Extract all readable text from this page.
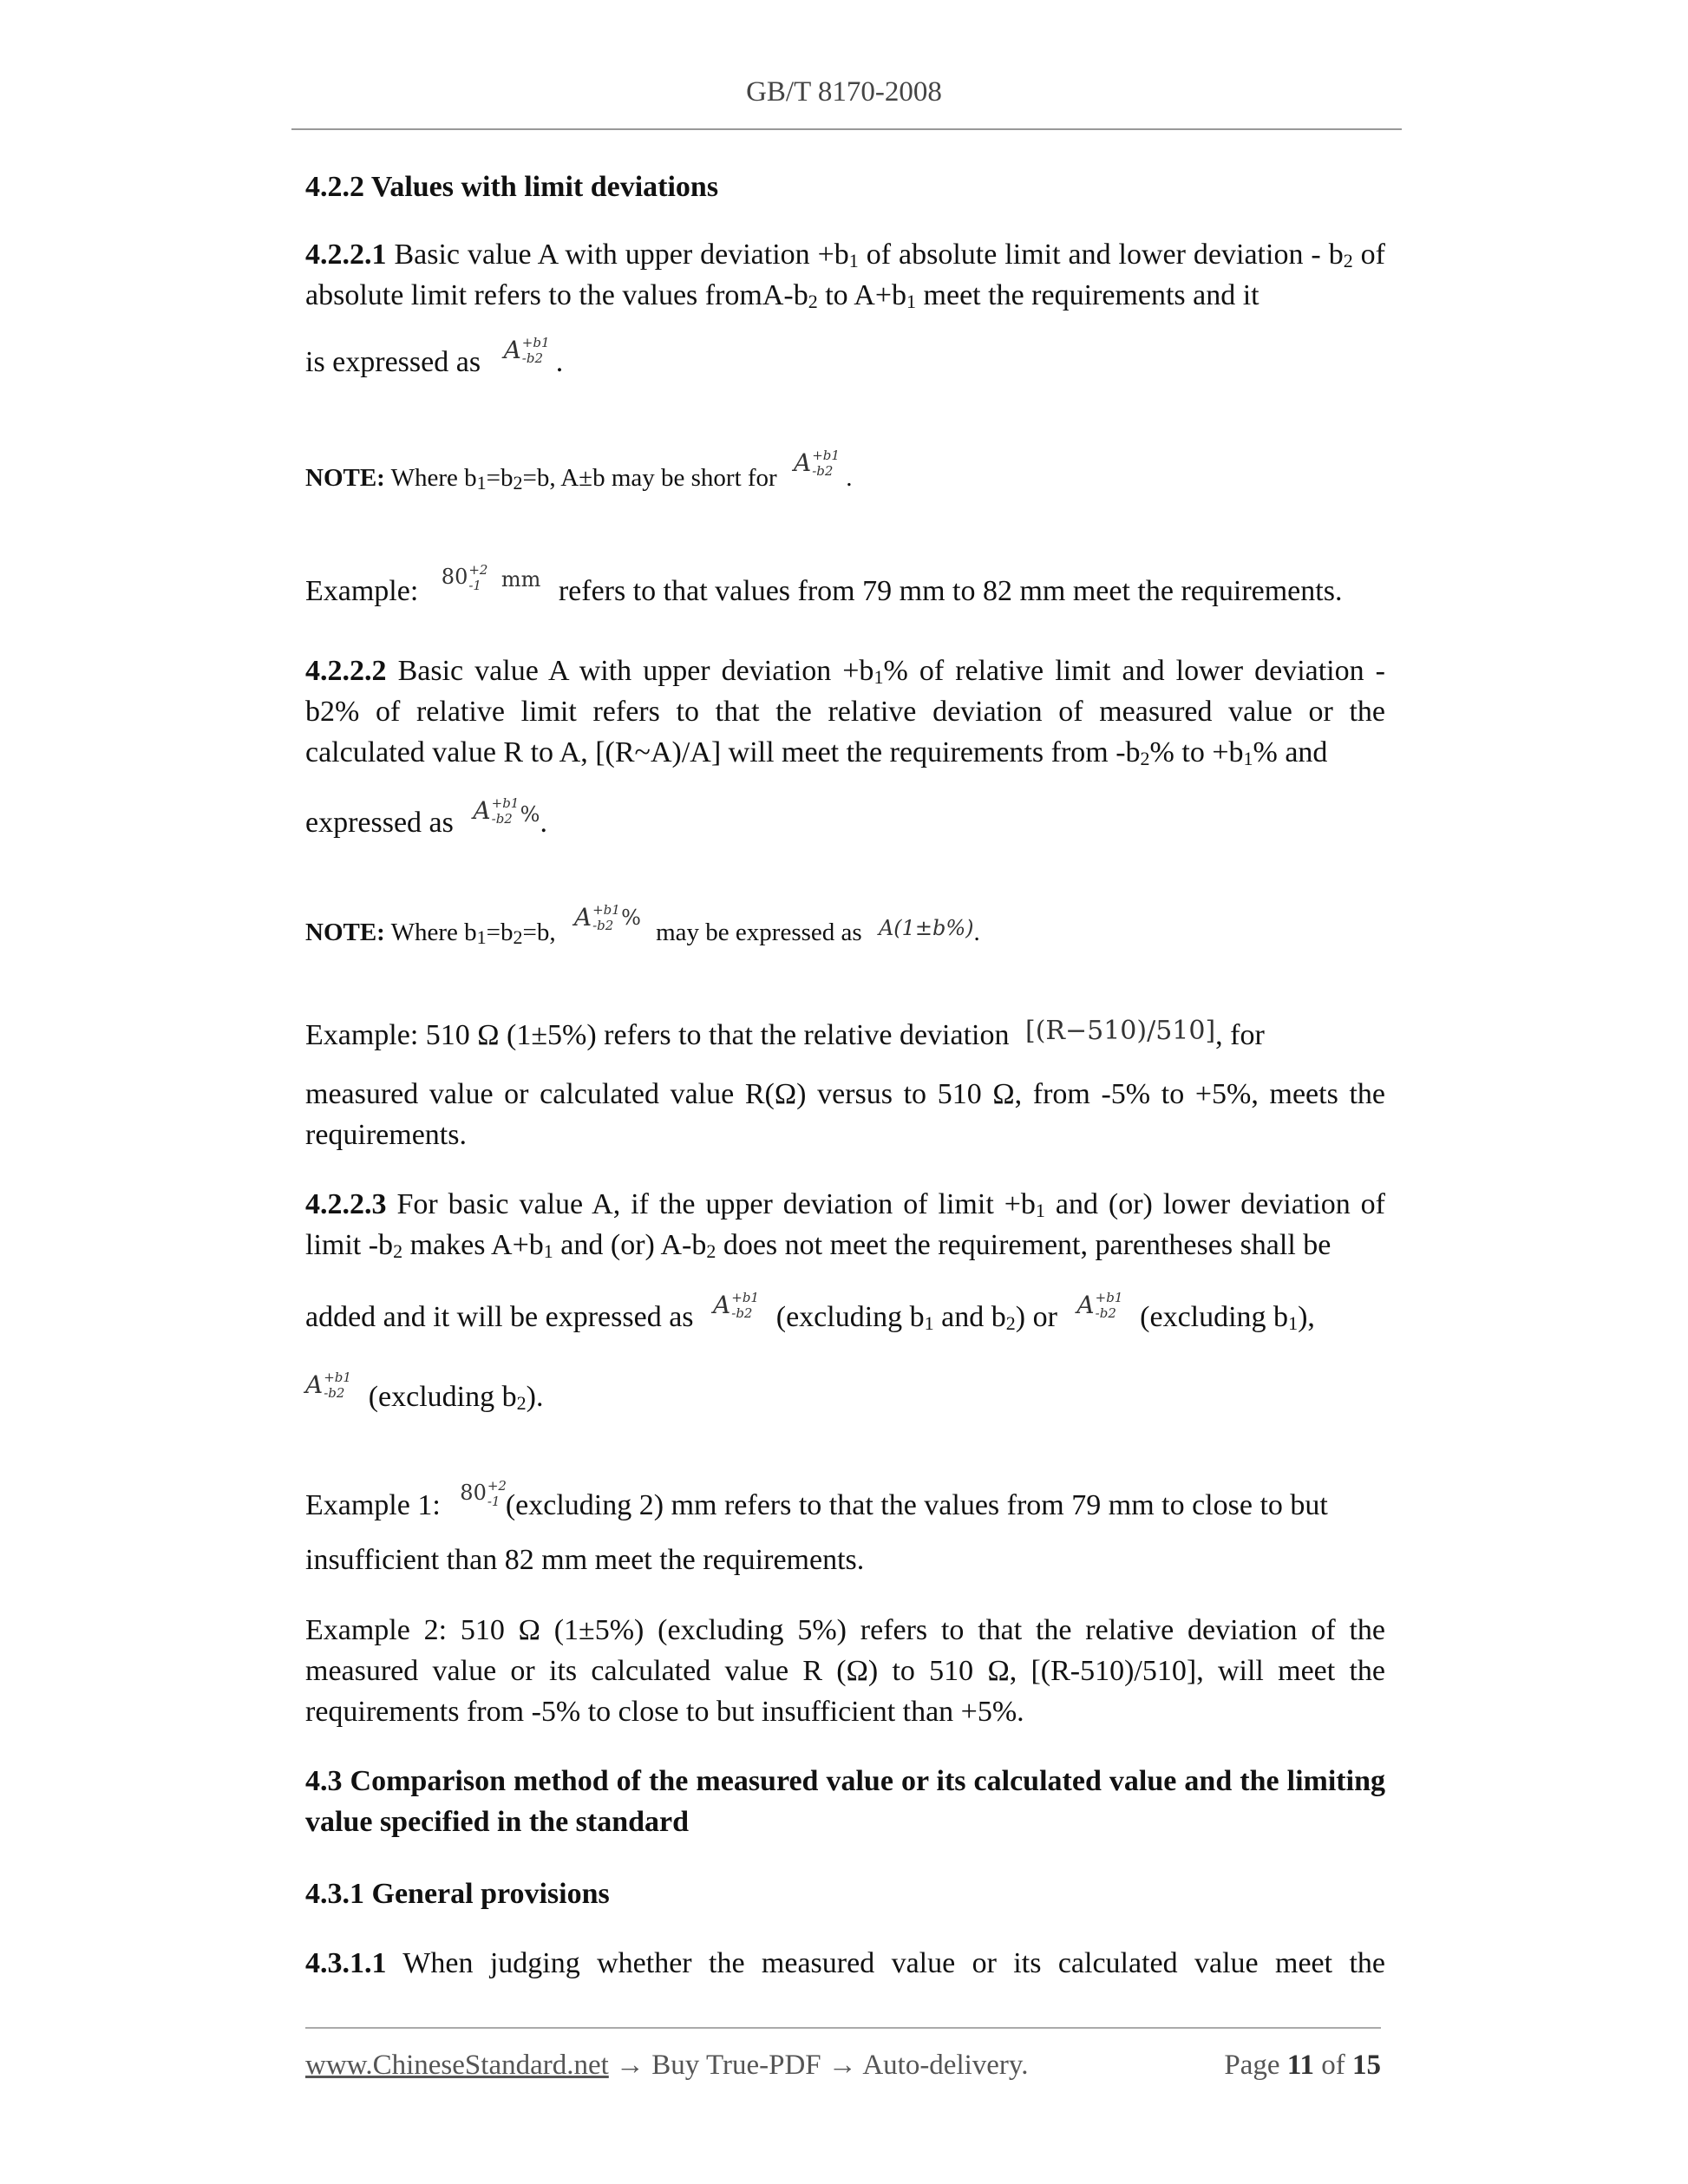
GB/T 8170-2008
4.2.2 Values with limit deviations

4.2.2.1 Basic value A with upper deviation $+b_1$ of absolute limit and lower deviation - $b_2$ of absolute limit refers to the values fromA-$b_2$ to $A+b_1$ meet the requirements and it

is expressed as A +b1
-b2 .

NOTE: Where $b_1=b_2=b$, A±b may be short for A +b1
-b2 .

Example: 80 +2
-1 $^{mm}$ refers to that values from 79 mm to 82 mm meet the requirements.

4.2.2.2 Basic value A with upper deviation $+b_1\%$ of relative limit and lower deviation - b2% of relative limit refers to that the relative deviation of measured value or the calculated value R to A, [(R~A)/A] will meet the requirements from $-b_2\%$ to $+b_1\%$ and

expressed as A +b1
-b2 %.

NOTE: Where $b_1=b_2=b$, A +b1
-b2 % may be expressed as $^{A(1\pm b\%)}$.

Example: 510 Ω (1±5%) refers to that the relative deviation [(R−510)/510], for

measured value or calculated value R(Ω) versus to 510 Ω, from -5% to +5%, meets the requirements.

4.2.2.3 For basic value A, if the upper deviation of limit $+b_1$ and (or) lower deviation of limit $-b_2$ makes $A+b_1$ and (or) $A-b_2$ does not meet the requirement, parentheses shall be

added and it will be expressed as A +b1
-b2 (excluding $b_1$ and $b_2$) or A +b1
-b2 (excluding $b_1$),

A +b1
-b2 (excluding $b_2$).

Example 1: 80 +2
-1 (excluding 2) mm refers to that the values from 79 mm to close to but

insufficient than 82 mm meet the requirements.

Example 2: 510 Ω (1±5%) (excluding 5%) refers to that the relative deviation of the measured value or its calculated value R (Ω) to 510 Ω, [(R-510)/510], will meet the requirements from -5% to close to but insufficient than +5%.

4.3 Comparison method of the measured value or its calculated value and the limiting value specified in the standard

4.3.1 General provisions

4.3.1.1 When judging whether the measured value or its calculated value meet the

www.ChineseStandard.net → Buy True-PDF → Auto-delivery.	Page 11 of 15
